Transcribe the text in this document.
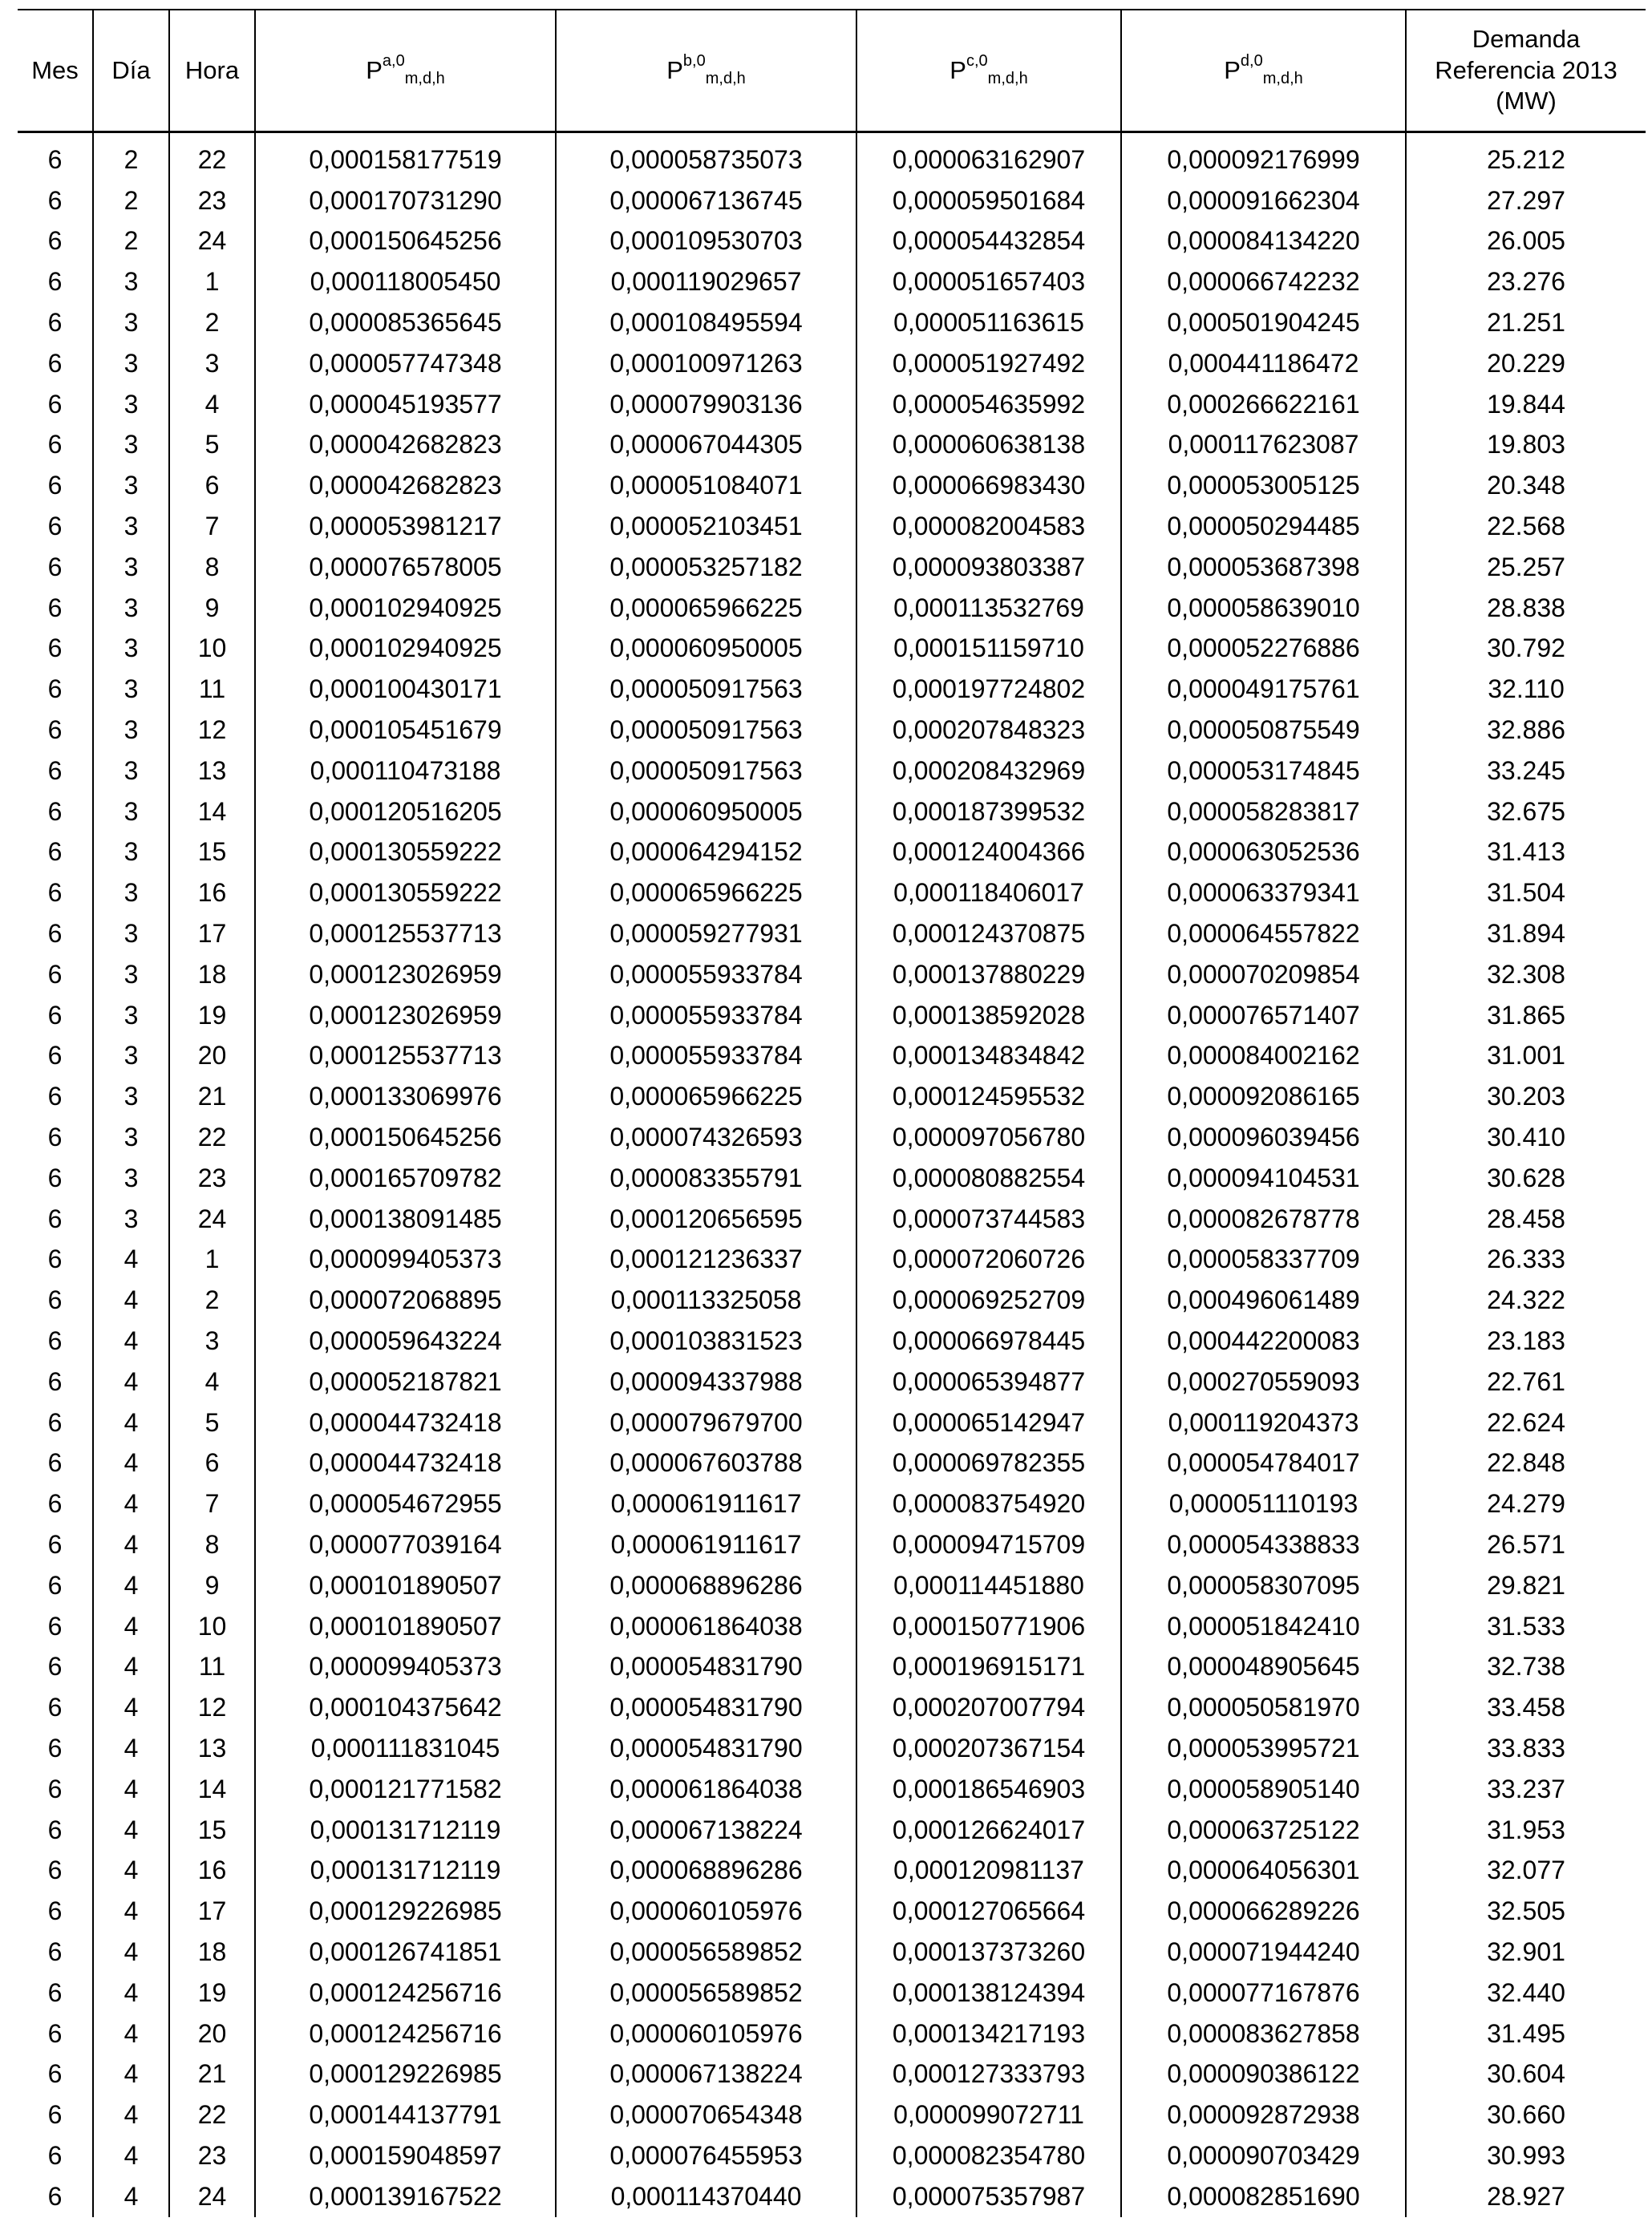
Mes	Día	Hora	P$^{a,0}_{m,d,h}$	P$^{b,0}_{m,d,h}$	P$^{c,0}_{m,d,h}$	P$^{d,0}_{m,d,h}$	Demanda
Referencia 2013
(MW)

6	2	22	0,000158177519	0,000058735073	0,000063162907	0,000092176999	25.212
6	2	23	0,000170731290	0,000067136745	0,000059501684	0,000091662304	27.297
6	2	24	0,000150645256	0,000109530703	0,000054432854	0,000084134220	26.005
6	3	1	0,000118005450	0,000119029657	0,000051657403	0,000066742232	23.276
6	3	2	0,000085365645	0,000108495594	0,000051163615	0,000501904245	21.251
6	3	3	0,000057747348	0,000100971263	0,000051927492	0,000441186472	20.229
6	3	4	0,000045193577	0,000079903136	0,000054635992	0,000266622161	19.844
6	3	5	0,000042682823	0,000067044305	0,000060638138	0,000117623087	19.803
6	3	6	0,000042682823	0,000051084071	0,000066983430	0,000053005125	20.348
6	3	7	0,000053981217	0,000052103451	0,000082004583	0,000050294485	22.568
6	3	8	0,000076578005	0,000053257182	0,000093803387	0,000053687398	25.257
6	3	9	0,000102940925	0,000065966225	0,000113532769	0,000058639010	28.838
6	3	10	0,000102940925	0,000060950005	0,000151159710	0,000052276886	30.792
6	3	11	0,000100430171	0,000050917563	0,000197724802	0,000049175761	32.110
6	3	12	0,000105451679	0,000050917563	0,000207848323	0,000050875549	32.886
6	3	13	0,000110473188	0,000050917563	0,000208432969	0,000053174845	33.245
6	3	14	0,000120516205	0,000060950005	0,000187399532	0,000058283817	32.675
6	3	15	0,000130559222	0,000064294152	0,000124004366	0,000063052536	31.413
6	3	16	0,000130559222	0,000065966225	0,000118406017	0,000063379341	31.504
6	3	17	0,000125537713	0,000059277931	0,000124370875	0,000064557822	31.894
6	3	18	0,000123026959	0,000055933784	0,000137880229	0,000070209854	32.308
6	3	19	0,000123026959	0,000055933784	0,000138592028	0,000076571407	31.865
6	3	20	0,000125537713	0,000055933784	0,000134834842	0,000084002162	31.001
6	3	21	0,000133069976	0,000065966225	0,000124595532	0,000092086165	30.203
6	3	22	0,000150645256	0,000074326593	0,000097056780	0,000096039456	30.410
6	3	23	0,000165709782	0,000083355791	0,000080882554	0,000094104531	30.628
6	3	24	0,000138091485	0,000120656595	0,000073744583	0,000082678778	28.458
6	4	1	0,000099405373	0,000121236337	0,000072060726	0,000058337709	26.333
6	4	2	0,000072068895	0,000113325058	0,000069252709	0,000496061489	24.322
6	4	3	0,000059643224	0,000103831523	0,000066978445	0,000442200083	23.183
6	4	4	0,000052187821	0,000094337988	0,000065394877	0,000270559093	22.761
6	4	5	0,000044732418	0,000079679700	0,000065142947	0,000119204373	22.624
6	4	6	0,000044732418	0,000067603788	0,000069782355	0,000054784017	22.848
6	4	7	0,000054672955	0,000061911617	0,000083754920	0,000051110193	24.279
6	4	8	0,000077039164	0,000061911617	0,000094715709	0,000054338833	26.571
6	4	9	0,000101890507	0,000068896286	0,000114451880	0,000058307095	29.821
6	4	10	0,000101890507	0,000061864038	0,000150771906	0,000051842410	31.533
6	4	11	0,000099405373	0,000054831790	0,000196915171	0,000048905645	32.738
6	4	12	0,000104375642	0,000054831790	0,000207007794	0,000050581970	33.458
6	4	13	0,000111831045	0,000054831790	0,000207367154	0,000053995721	33.833
6	4	14	0,000121771582	0,000061864038	0,000186546903	0,000058905140	33.237
6	4	15	0,000131712119	0,000067138224	0,000126624017	0,000063725122	31.953
6	4	16	0,000131712119	0,000068896286	0,000120981137	0,000064056301	32.077
6	4	17	0,000129226985	0,000060105976	0,000127065664	0,000066289226	32.505
6	4	18	0,000126741851	0,000056589852	0,000137373260	0,000071944240	32.901
6	4	19	0,000124256716	0,000056589852	0,000138124394	0,000077167876	32.440
6	4	20	0,000124256716	0,000060105976	0,000134217193	0,000083627858	31.495
6	4	21	0,000129226985	0,000067138224	0,000127333793	0,000090386122	30.604
6	4	22	0,000144137791	0,000070654348	0,000099072711	0,000092872938	30.660
6	4	23	0,000159048597	0,000076455953	0,000082354780	0,000090703429	30.993
6	4	24	0,000139167522	0,000114370440	0,000075357987	0,000082851690	28.927
